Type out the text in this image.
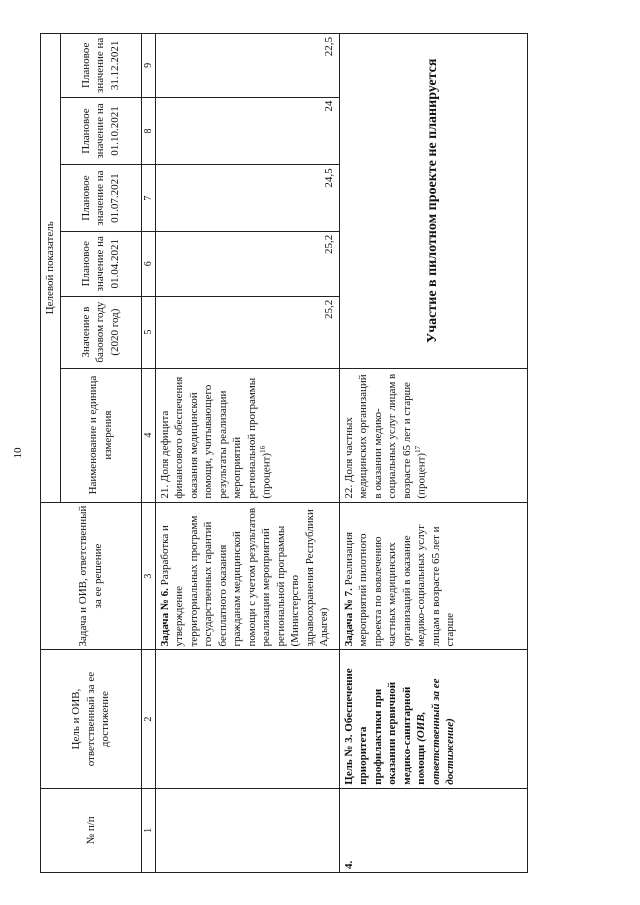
10
№ п/п	Цель и ОИВ, ответственный за ее достижение	Задача и ОИВ, ответственный за ее решение	Целевой показатель					
			Наименование и единица измерения	Значение в базовом году (2020 год)	Плановое значение на 01.04.2021	Плановое значение на 01.07.2021	Плановое значение на 01.10.2021	Плановое значение на 31.12.2021
1	2	3	4	5	6	7	8	9
		Задача № 6. Разработка и утверждение территориальных программ государственных гарантий бесплатного оказания гражданам медицинской помощи с учетом результатов реализации мероприятий региональной программы (Министерство здравоохранения Республики Адыгея)	21. Доля дефицита финансового обеспечения оказания медицинской помощи, учитывающего результаты реализации мероприятий региональной программы (процент)$^{16}$	25,2	25,2	24,5	24	22,5
4.	Цель № 3. Обеспечение приоритета профилактики при оказании первичной медико-санитарной помощи (ОИВ, ответственный за ее достижение)	Задача № 7. Реализация мероприятий пилотного проекта по вовлечению частных медицинских организаций в оказание медико-социальных услуг лицам в возрасте 65 лет и старше	22. Доля частных медицинских организаций в оказании медико-социальных услуг лицам в возрасте 65 лет и старше (процент)$^{17}$	Участие в пилотном проекте не планируется				
